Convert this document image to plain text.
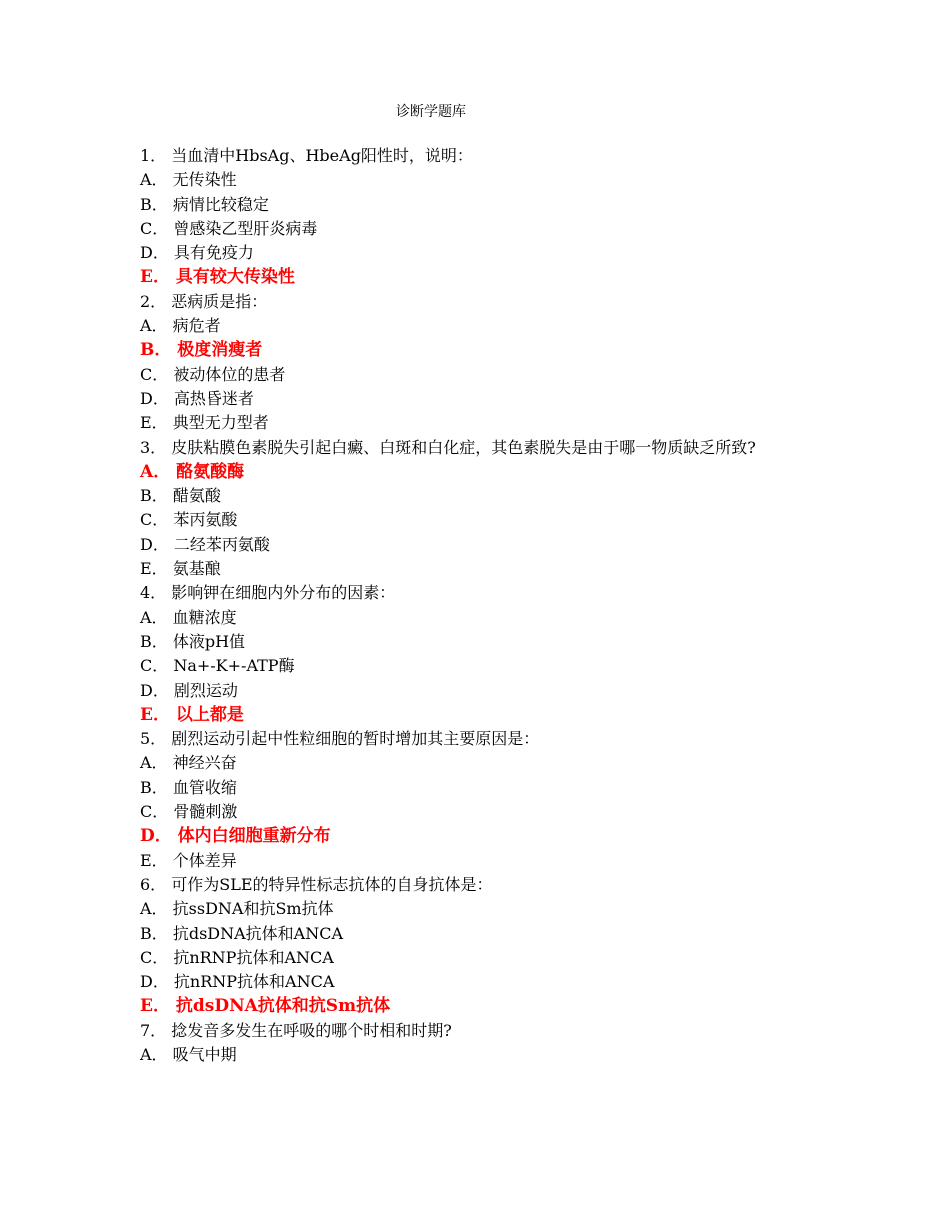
诊断学题库
1． 当血清中HbsAg、HbeAg阳性时，说明：
A． 无传染性
B． 病情比较稳定
C． 曾感染乙型肝炎病毒
D． 具有免疫力
E． 具有较大传染性
2． 恶病质是指：
A． 病危者
B． 极度消瘦者
C． 被动体位的患者
D． 高热昏迷者
E． 典型无力型者
3． 皮肤粘膜色素脱失引起白癜、白斑和白化症，其色素脱失是由于哪一物质缺乏所致?
A． 酪氨酸酶
B． 醋氨酸
C． 苯丙氨酸
D． 二经苯丙氨酸
E． 氨基酿
4． 影响钾在细胞内外分布的因素：
A． 血糖浓度
B． 体液pH值
C． Na+-K+-ATP酶
D． 剧烈运动
E． 以上都是
5． 剧烈运动引起中性粒细胞的暂时增加其主要原因是：
A． 神经兴奋
B． 血管收缩
C． 骨髓刺激
D． 体内白细胞重新分布
E． 个体差异
6． 可作为SLE的特异性标志抗体的自身抗体是：
A． 抗ssDNA和抗Sm抗体
B． 抗dsDNA抗体和ANCA
C． 抗nRNP抗体和ANCA
D． 抗nRNP抗体和ANCA
E． 抗dsDNA抗体和抗Sm抗体
7． 捻发音多发生在呼吸的哪个时相和时期?
A． 吸气中期
